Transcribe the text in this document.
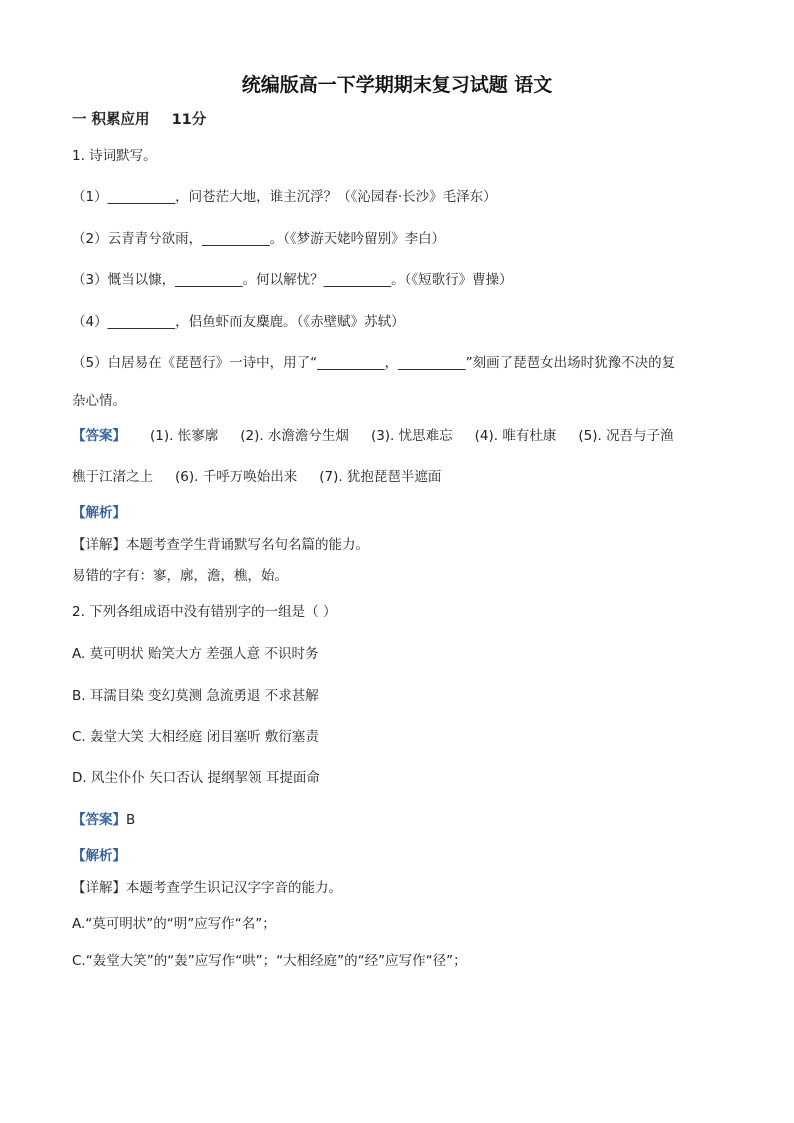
统编版高一下学期期末复习试题 语文
一 积累应用 11分
1. 诗词默写。
（1）__________，问苍茫大地，谁主沉浮？（《沁园春·长沙》毛泽东）
（2）云青青兮欲雨，__________。（《梦游天姥吟留别》李白）
（3）慨当以慷，__________。何以解忧？__________。（《短歌行》曹操）
（4）__________，侣鱼虾而友麋鹿。（《赤壁赋》苏轼）
（5）白居易在《琵琶行》一诗中，用了“__________，__________”刻画了琵琶女出场时犹豫不决的复
杂心情。
【答案】 (1). 怅寥廓 (2). 水澹澹兮生烟 (3). 忧思难忘 (4). 唯有杜康 (5). 况吾与子渔
樵于江渚之上 (6). 千呼万唤始出来 (7). 犹抱琵琶半遮面
【解析】
【详解】本题考查学生背诵默写名句名篇的能力。
易错的字有：寥，廓，澹，樵，始。
2. 下列各组成语中没有错别字的一组是（ ）
A. 莫可明状 贻笑大方 差强人意 不识时务
B. 耳濡目染 变幻莫测 急流勇退 不求甚解
C. 轰堂大笑 大相经庭 闭目塞听 敷衍塞责
D. 风尘仆仆 矢口否认 提纲挈领 耳提面命
【答案】B
【解析】
【详解】本题考查学生识记汉字字音的能力。
A.“莫可明状”的“明”应写作“名”；
C.“轰堂大笑”的“轰”应写作“哄”；“大相经庭”的“经”应写作“径”；
